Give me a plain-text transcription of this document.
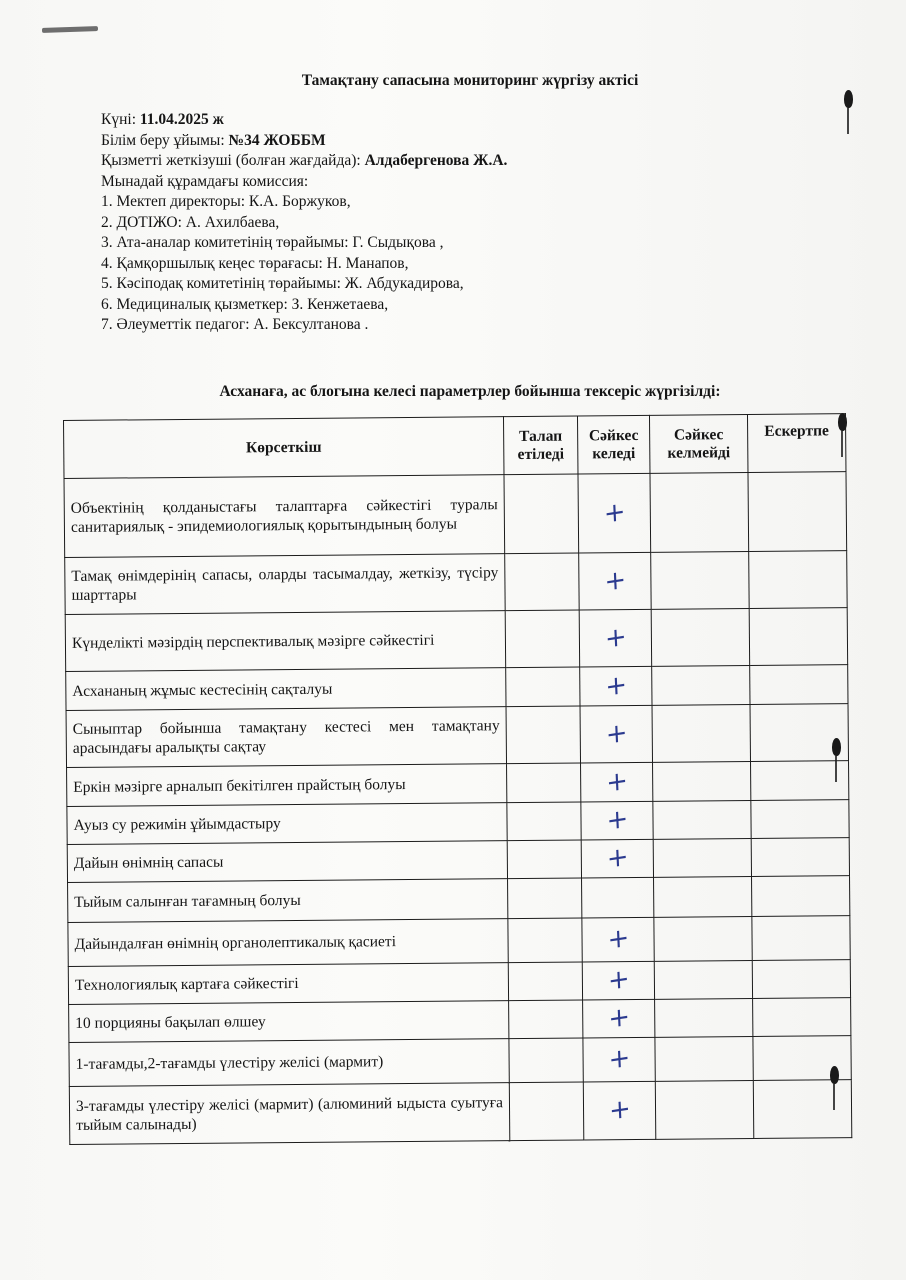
Тамақтану сапасына мониторинг жүргізу актісі
Күні: 11.04.2025 ж
Білім беру ұйымы: №34 ЖОББМ
Қызметті жеткізуші (болған жағдайда): Алдабергенова Ж.А.
Мынадай құрамдағы комиссия:
1. Мектеп директоры: К.А. Боржуков,
2. ДОТІЖО: А. Ахилбаева,
3. Ата-аналар комитетінің төрайымы: Г. Сыдықова ,
4. Қамқоршылық кеңес төрағасы: Н. Манапов,
5. Кәсіподақ комитетінің төрайымы: Ж. Абдукадирова,
6. Медициналық қызметкер: З. Кенжетаева,
7. Әлеуметтік педагог: А. Бексултанова .
Асханаға, ас блогына келесі параметрлер бойынша тексеріс жүргізілді:
Көрсеткіш	Талап етіледі	Сәйкес келеді	Сәйкес келмейді	Ескертпе
Объектінің қолданыстағы талаптарға сәйкестігі туралы санитариялық - эпидемиологиялық қорытындының болуы		+		
Тамақ өнімдерінің сапасы, оларды тасымалдау, жеткізу, түсіру шарттары		+		
Күнделікті мәзірдің перспективалық мәзірге сәйкестігі		+		
Асхананың жұмыс кестесінің сақталуы		+		
Сыныптар бойынша тамақтану кестесі мен тамақтану арасындағы аралықты сақтау		+		
Еркін мәзірге арналып бекітілген прайстың болуы		+		
Ауыз су режимін ұйымдастыру		+		
Дайын өнімнің сапасы		+		
Тыйым салынған тағамның болуы				
Дайындалған өнімнің органолептикалық қасиеті		+		
Технологиялық картаға сәйкестігі		+		
10 порцияны бақылап өлшеу		+		
1-тағамды,2-тағамды үлестіру желісі (мармит)		+		
3-тағамды үлестіру желісі (мармит) (алюминий ыдыста суытуға тыйым салынады)		+		
